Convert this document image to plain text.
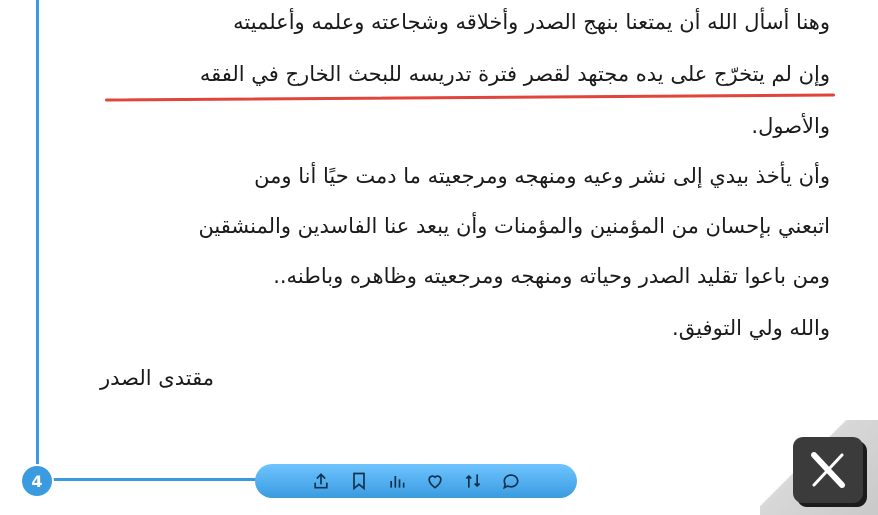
4
وهنا أسأل الله أن يمتعنا بنهج الصدر وأخلاقه وشجاعته وعلمه وأعلميته
وإن لم يتخرّج على يده مجتهد لقصر فترة تدريسه للبحث الخارج في الفقه
والأصول.
وأن يأخذ بيدي إلى نشر وعيه ومنهجه ومرجعيته ما دمت حيًا أنا ومن
اتبعني بإحسان من المؤمنين والمؤمنات وأن يبعد عنا الفاسدين والمنشقين
ومن باعوا تقليد الصدر وحياته ومنهجه ومرجعيته وظاهره وباطنه..
والله ولي التوفيق.
مقتدى الصدر
